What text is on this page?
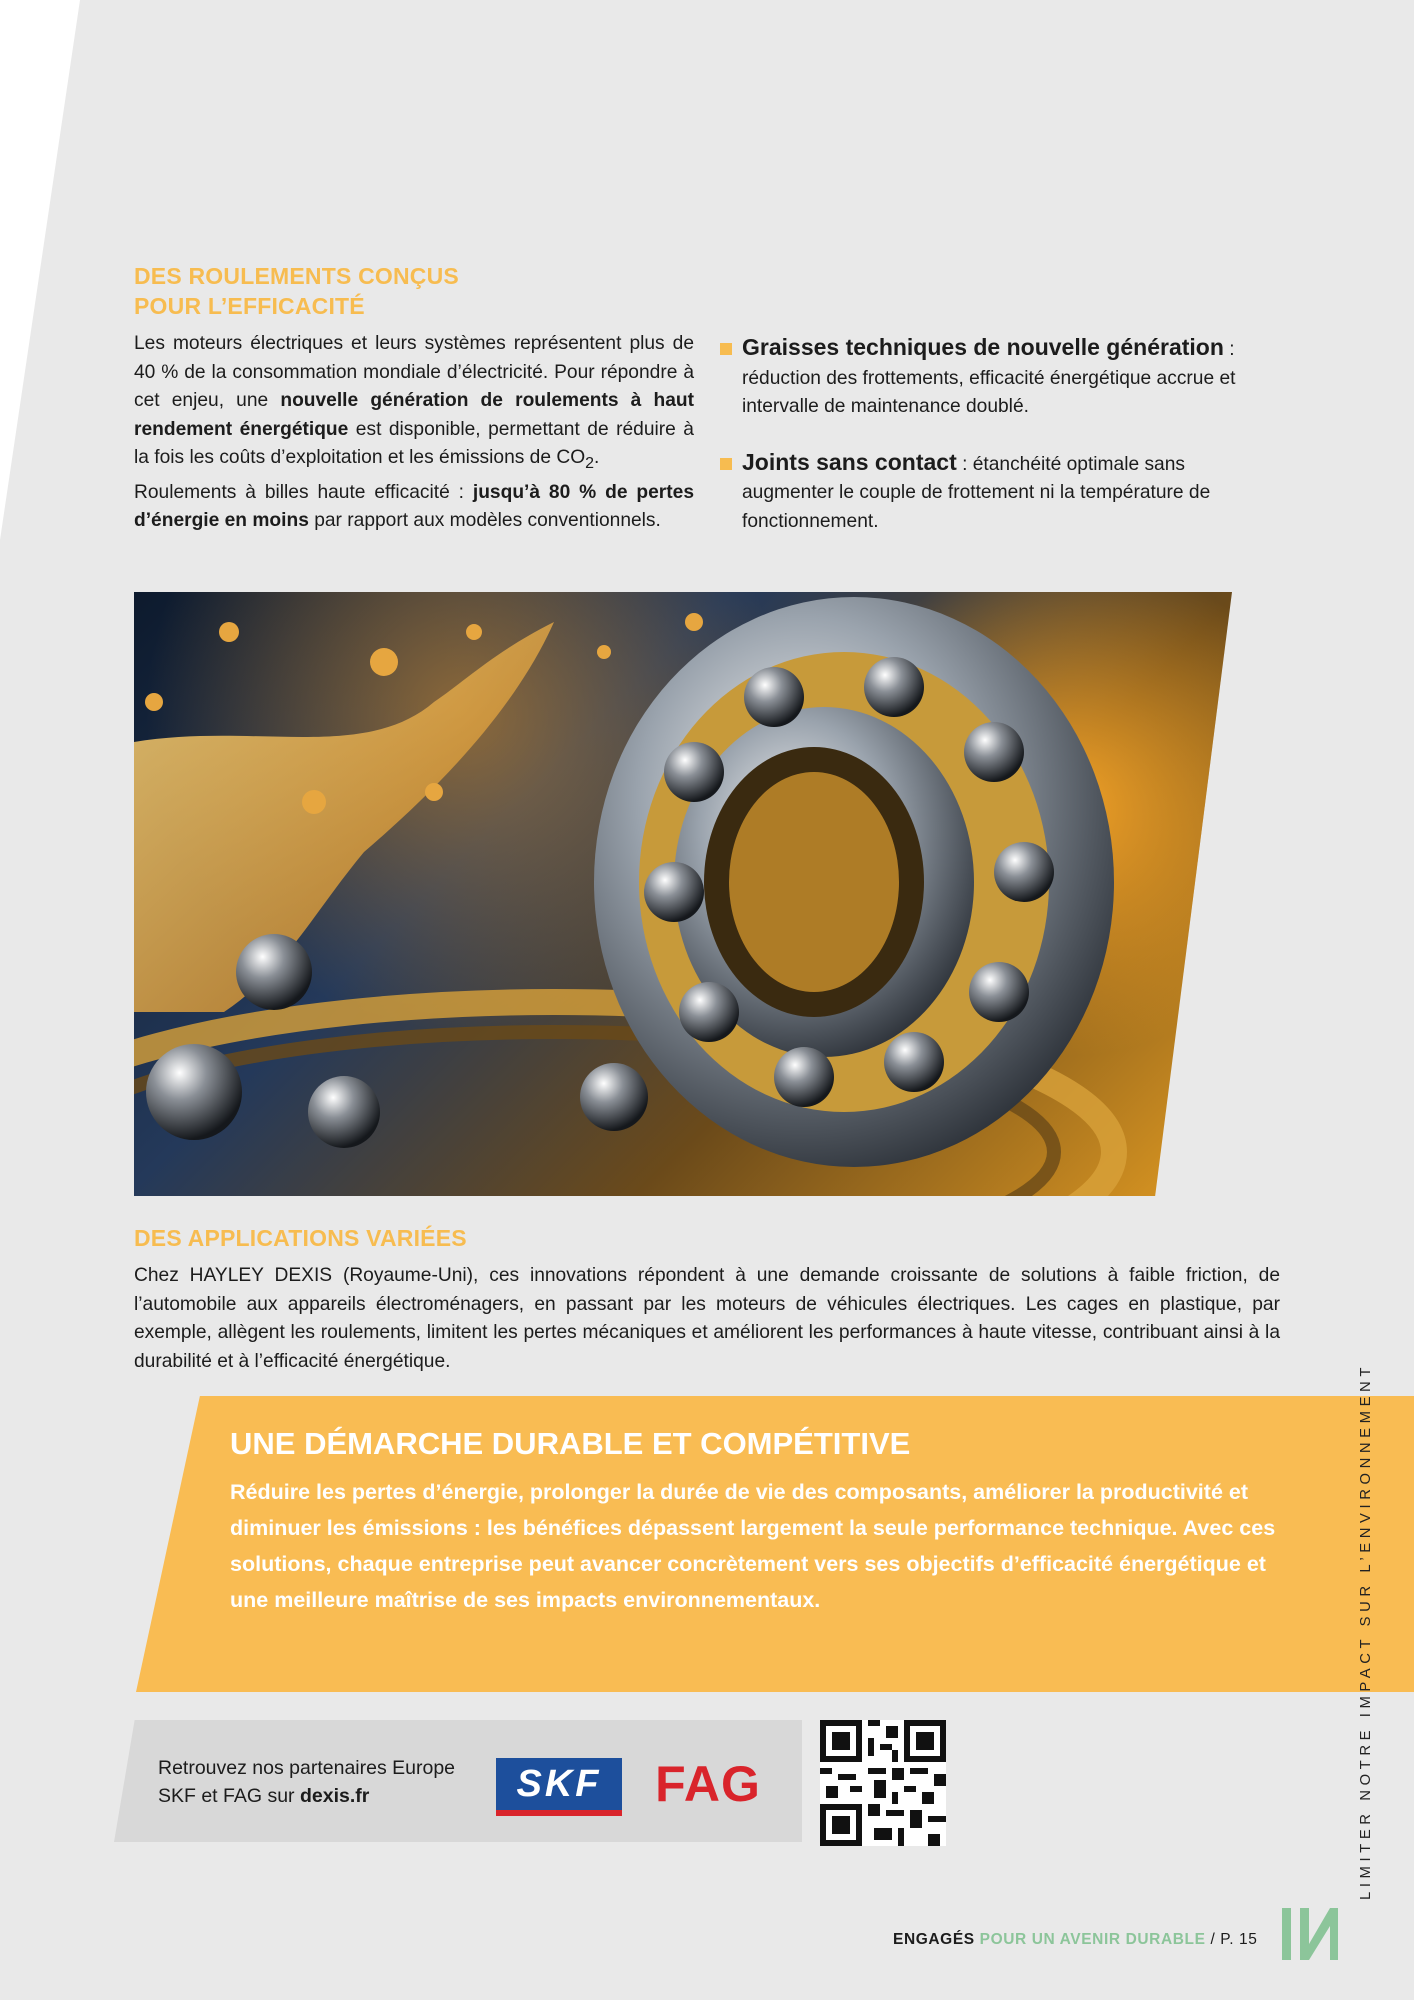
DES ROULEMENTS CONÇUS
POUR L’EFFICACITÉ

Les moteurs électriques et leurs systèmes représentent plus de 40 % de la consommation mondiale d’électricité. Pour répondre à cet enjeu, une nouvelle génération de roulements à haut rendement énergétique est disponible, permettant de réduire à la fois les coûts d’exploitation et les émissions de $CO_2$.

Roulements à billes haute efficacité : jusqu’à 80 % de pertes d’énergie en moins par rapport aux modèles conventionnels.

Graisses techniques de nouvelle génération : réduction des frottements, efficacité énergétique accrue et intervalle de maintenance doublé.
Joints sans contact : étanchéité optimale sans augmenter le couple de frottement ni la température de fonctionnement.
DES APPLICATIONS VARIÉES

Chez HAYLEY DEXIS (Royaume-Uni), ces innovations répondent à une demande croissante de solutions à faible friction, de l’automobile aux appareils électroménagers, en passant par les moteurs de véhicules électriques. Les cages en plastique, par exemple, allègent les roulements, limitent les pertes mécaniques et améliorent les performances à haute vitesse, contribuant ainsi à la durabilité et à l’efficacité énergétique.

UNE DÉMARCHE DURABLE ET COMPÉTITIVE
Réduire les pertes d’énergie, prolonger la durée de vie des composants, améliorer la productivité et diminuer les émissions : les bénéfices dépassent largement la seule performance technique. Avec ces solutions, chaque entreprise peut avancer concrètement vers ses objectifs d’efficacité énergétique et une meilleure maîtrise de ses impacts environnementaux.
Retrouvez nos partenaires Europe
SKF et FAG sur dexis.fr	SKF	FAG	LIMITER NOTRE IMPACT SUR L’ENVIRONNEMENT
ENGAGÉS POUR UN AVENIR DURABLE / P. 15
